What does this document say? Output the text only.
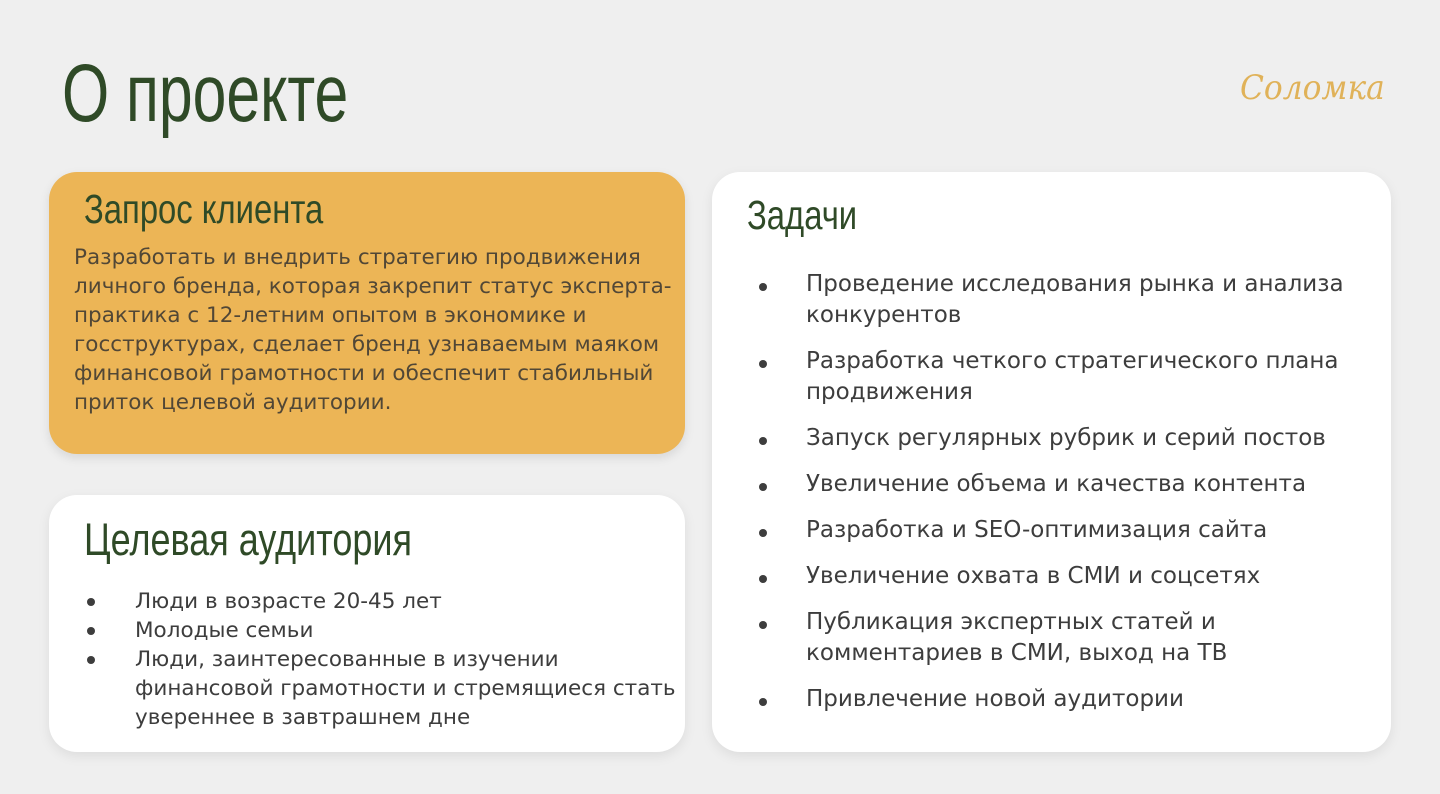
О проекте	Соломка
Запрос клиента

Разработать и внедрить стратегию продвижения личного бренда, которая закрепит статус эксперта-практика с 12-летним опытом в экономике и госструктурах, сделает бренд узнаваемым маяком финансовой грамотности и обеспечит стабильный приток целевой аудитории.

Целевая аудитория
Люди в возрасте 20-45 лет
Молодые семьи
Люди, заинтересованные в изучении финансовой грамотности и стремящиеся стать увереннее в завтрашнем дне
Задачи
Проведение исследования рынка и анализа конкурентов
Разработка четкого стратегического плана продвижения
Запуск регулярных рубрик и серий постов
Увеличение объема и качества контента
Разработка и SEO-оптимизация сайта
Увеличение охвата в СМИ и соцсетях
Публикация экспертных статей и комментариев в СМИ, выход на ТВ
Привлечение новой аудитории
